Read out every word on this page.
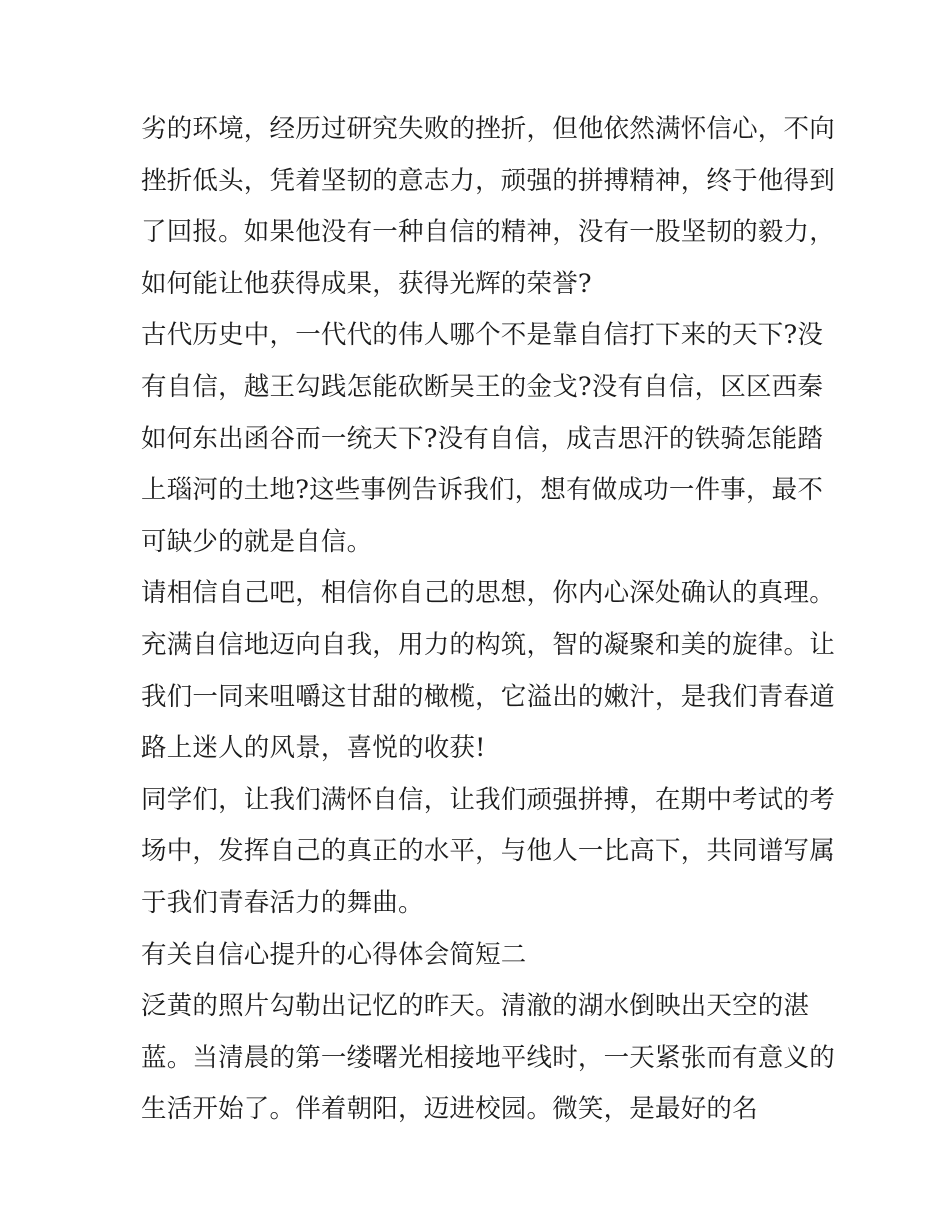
劣的环境，经历过研究失败的挫折，但他依然满怀信心，不向
挫折低头，凭着坚韧的意志力，顽强的拼搏精神，终于他得到
了回报。如果他没有一种自信的精神，没有一股坚韧的毅力，
如何能让他获得成果，获得光辉的荣誉?
古代历史中，一代代的伟人哪个不是靠自信打下来的天下?没
有自信，越王勾践怎能砍断吴王的金戈?没有自信，区区西秦
如何东出函谷而一统天下?没有自信，成吉思汗的铁骑怎能踏
上瑙河的土地?这些事例告诉我们，想有做成功一件事，最不
可缺少的就是自信。
请相信自己吧，相信你自己的思想，你内心深处确认的真理。
充满自信地迈向自我，用力的构筑，智的凝聚和美的旋律。让
我们一同来咀嚼这甘甜的橄榄，它溢出的嫩汁，是我们青春道
路上迷人的风景，喜悦的收获!
同学们，让我们满怀自信，让我们顽强拼搏，在期中考试的考
场中，发挥自己的真正的水平，与他人一比高下，共同谱写属
于我们青春活力的舞曲。
有关自信心提升的心得体会简短二
泛黄的照片勾勒出记忆的昨天。清澈的湖水倒映出天空的湛
蓝。当清晨的第一缕曙光相接地平线时，一天紧张而有意义的
生活开始了。伴着朝阳，迈进校园。微笑，是最好的名
